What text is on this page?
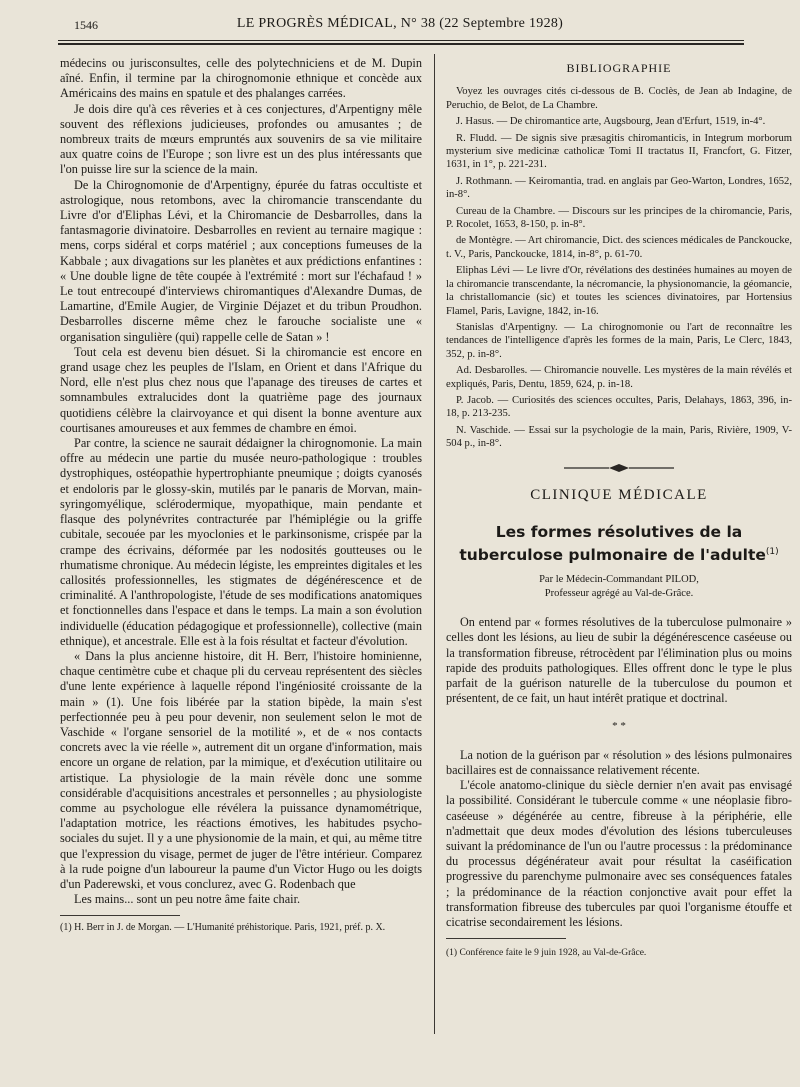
1546	LE PROGRÈS MÉDICAL, N° 38 (22 Septembre 1928)

médecins ou jurisconsultes, celle des polytechniciens et de M. Dupin aîné. Enfin, il termine par la chirognomonie ethnique et concède aux Américains des mains en spatule et des phalanges carrées.

Je dois dire qu'à ces rêveries et à ces conjectures, d'Arpentigny mêle souvent des réflexions judicieuses, profondes ou amusantes ; de nombreux traits de mœurs empruntés aux souvenirs de sa vie militaire aux quatre coins de l'Europe ; son livre est un des plus intéressants que l'on puisse lire sur la science de la main.

De la Chirognomonie de d'Arpentigny, épurée du fatras occultiste et astrologique, nous retombons, avec la chiromancie transcendante du Livre d'or d'Eliphas Lévi, et la Chiromancie de Desbarrolles, dans la fantasmagorie divinatoire. Desbarrolles en revient au ternaire magique : mens, corps sidéral et corps matériel ; aux conceptions fumeuses de la Kabbale ; aux divagations sur les planètes et aux prédictions enfantines : « Une double ligne de tête coupée à l'extrémité : mort sur l'échafaud ! » Le tout entrecoupé d'interviews chiromantiques d'Alexandre Dumas, de Lamartine, d'Emile Augier, de Virginie Déjazet et du tribun Proudhon. Desbarrolles discerne même chez le farouche socialiste une « organisation singulière (qui) rappelle celle de Satan » !

Tout cela est devenu bien désuet. Si la chiromancie est encore en grand usage chez les peuples de l'Islam, en Orient et dans l'Afrique du Nord, elle n'est plus chez nous que l'apanage des tireuses de cartes et somnambules extralucides dont la quatrième page des journaux quotidiens célèbre la clairvoyance et qui disent la bonne aventure aux courtisanes amoureuses et aux femmes de chambre en émoi.

Par contre, la science ne saurait dédaigner la chirognomonie. La main offre au médecin une partie du musée neuro-pathologique : troubles dystrophiques, ostéopathie hypertrophiante pneumique ; doigts cyanosés et endoloris par le glossy-skin, mutilés par le panaris de Morvan, main-syringomyélique, sclérodermique, myopathique, main pendante et flasque des polynévrites contracturée par l'hémiplégie ou la griffe cubitale, secouée par les myoclonies et le parkinsonisme, crispée par la crampe des écrivains, déformée par les nodosités goutteuses ou le rhumatisme chronique. Au médecin légiste, les empreintes digitales et les callosités professionnelles, les stigmates de dégénérescence et de criminalité. A l'anthropologiste, l'étude de ses modifications anatomiques et fonctionnelles dans l'espace et dans le temps. La main a son évolution individuelle (éducation pédagogique et professionnelle), collective (main ethnique), et ancestrale. Elle est à la fois résultat et facteur d'évolution.

« Dans la plus ancienne histoire, dit H. Berr, l'histoire hominienne, chaque centimètre cube et chaque pli du cerveau représentent des siècles d'une lente expérience à laquelle répond l'ingéniosité croissante de la main » (1). Une fois libérée par la station bipède, la main s'est perfectionnée peu à peu pour devenir, non seulement selon le mot de Vaschide « l'organe sensoriel de la motilité », et de « nos contacts concrets avec la vie réelle », autrement dit un organe d'information, mais encore un organe de relation, par la mimique, et d'exécution utilitaire ou artistique. La physiologie de la main révèle donc une somme considérable d'acquisitions ancestrales et personnelles ; au physiologiste comme au psychologue elle révélera la puissance dynamométrique, l'adaptation motrice, les réactions émotives, les habitudes psycho-sociales du sujet. Il y a une physionomie de la main, et qui, au même titre que l'expression du visage, permet de juger de l'être intérieur. Comparez à la rude poigne d'un laboureur la paume d'un Victor Hugo ou les doigts d'un Paderewski, et vous conclurez, avec G. Rodenbach que

Les mains... sont un peu notre âme faite chair.

(1) H. Berr in J. de Morgan. — L'Humanité préhistorique. Paris, 1921, préf. p. X.
BIBLIOGRAPHIE
Voyez les ouvrages cités ci-dessous de B. Coclès, de Jean ab Indagine, de Peruchio, de Belot, de La Chambre.
J. Hasus. — De chiromantice arte, Augsbourg, Jean d'Erfurt, 1519, in-4°.
R. Fludd. — De signis sive præsagitis chiromanticis, in Integrum morborum mysterium sive medicinæ catholicæ Tomi II tractatus II, Francfort, G. Fitzer, 1631, in 1°, p. 221-231.
J. Rothmann. — Keiromantia, trad. en anglais par Geo-Warton, Londres, 1652, in-8°.
Cureau de la Chambre. — Discours sur les principes de la chiromancie, Paris, P. Rocolet, 1653, 8-150, p. in-8°.
de Montègre. — Art chiromancie, Dict. des sciences médicales de Panckoucke, t. V., Paris, Panckoucke, 1814, in-8°, p. 61-70.
Eliphas Lévi — Le livre d'Or, révélations des destinées humaines au moyen de la chiromancie transcendante, la nécromancie, la physionomancie, la géomancie, la christallomancie (sic) et toutes les sciences divinatoires, par Hortensius Flamel, Paris, Lavigne, 1842, in-16.
Stanislas d'Arpentigny. — La chirognomonie ou l'art de reconnaître les tendances de l'intelligence d'après les formes de la main, Paris, Le Clerc, 1843, 352, p. in-8°.
Ad. Desbarolles. — Chiromancie nouvelle. Les mystères de la main révélés et expliqués, Paris, Dentu, 1859, 624, p. in-18.
P. Jacob. — Curiosités des sciences occultes, Paris, Delahays, 1863, 396, in-18, p. 213-235.
N. Vaschide. — Essai sur la psychologie de la main, Paris, Rivière, 1909, V-504 p., in-8°.
CLINIQUE MÉDICALE
Les formes résolutives de la tuberculose pulmonaire de l'adulte$^{(1)}$
Par le Médecin-Commandant PILOD,
Professeur agrégé au Val-de-Grâce.

On entend par « formes résolutives de la tuberculose pulmonaire » celles dont les lésions, au lieu de subir la dégénérescence caséeuse ou la transformation fibreuse, rétrocèdent par l'élimination plus ou moins rapide des produits pathologiques. Elles offrent donc le type le plus parfait de la guérison naturelle de la tuberculose du poumon et présentent, de ce fait, un haut intérêt pratique et doctrinal.

* *

La notion de la guérison par « résolution » des lésions pulmonaires bacillaires est de connaissance relativement récente.

L'école anatomo-clinique du siècle dernier n'en avait pas envisagé la possibilité. Considérant le tubercule comme « une néoplasie fibro-caséeuse » dégénérée au centre, fibreuse à la périphérie, elle n'admettait que deux modes d'évolution des lésions tuberculeuses suivant la prédominance de l'un ou l'autre processus : la prédominance du processus dégénérateur avait pour résultat la caséification progressive du parenchyme pulmonaire avec ses conséquences fatales ; la prédominance de la réaction conjonctive avait pour effet la transformation fibreuse des tubercules par quoi l'organisme étouffe et cicatrise secondairement les lésions.

(1) Conférence faite le 9 juin 1928, au Val-de-Grâce.
